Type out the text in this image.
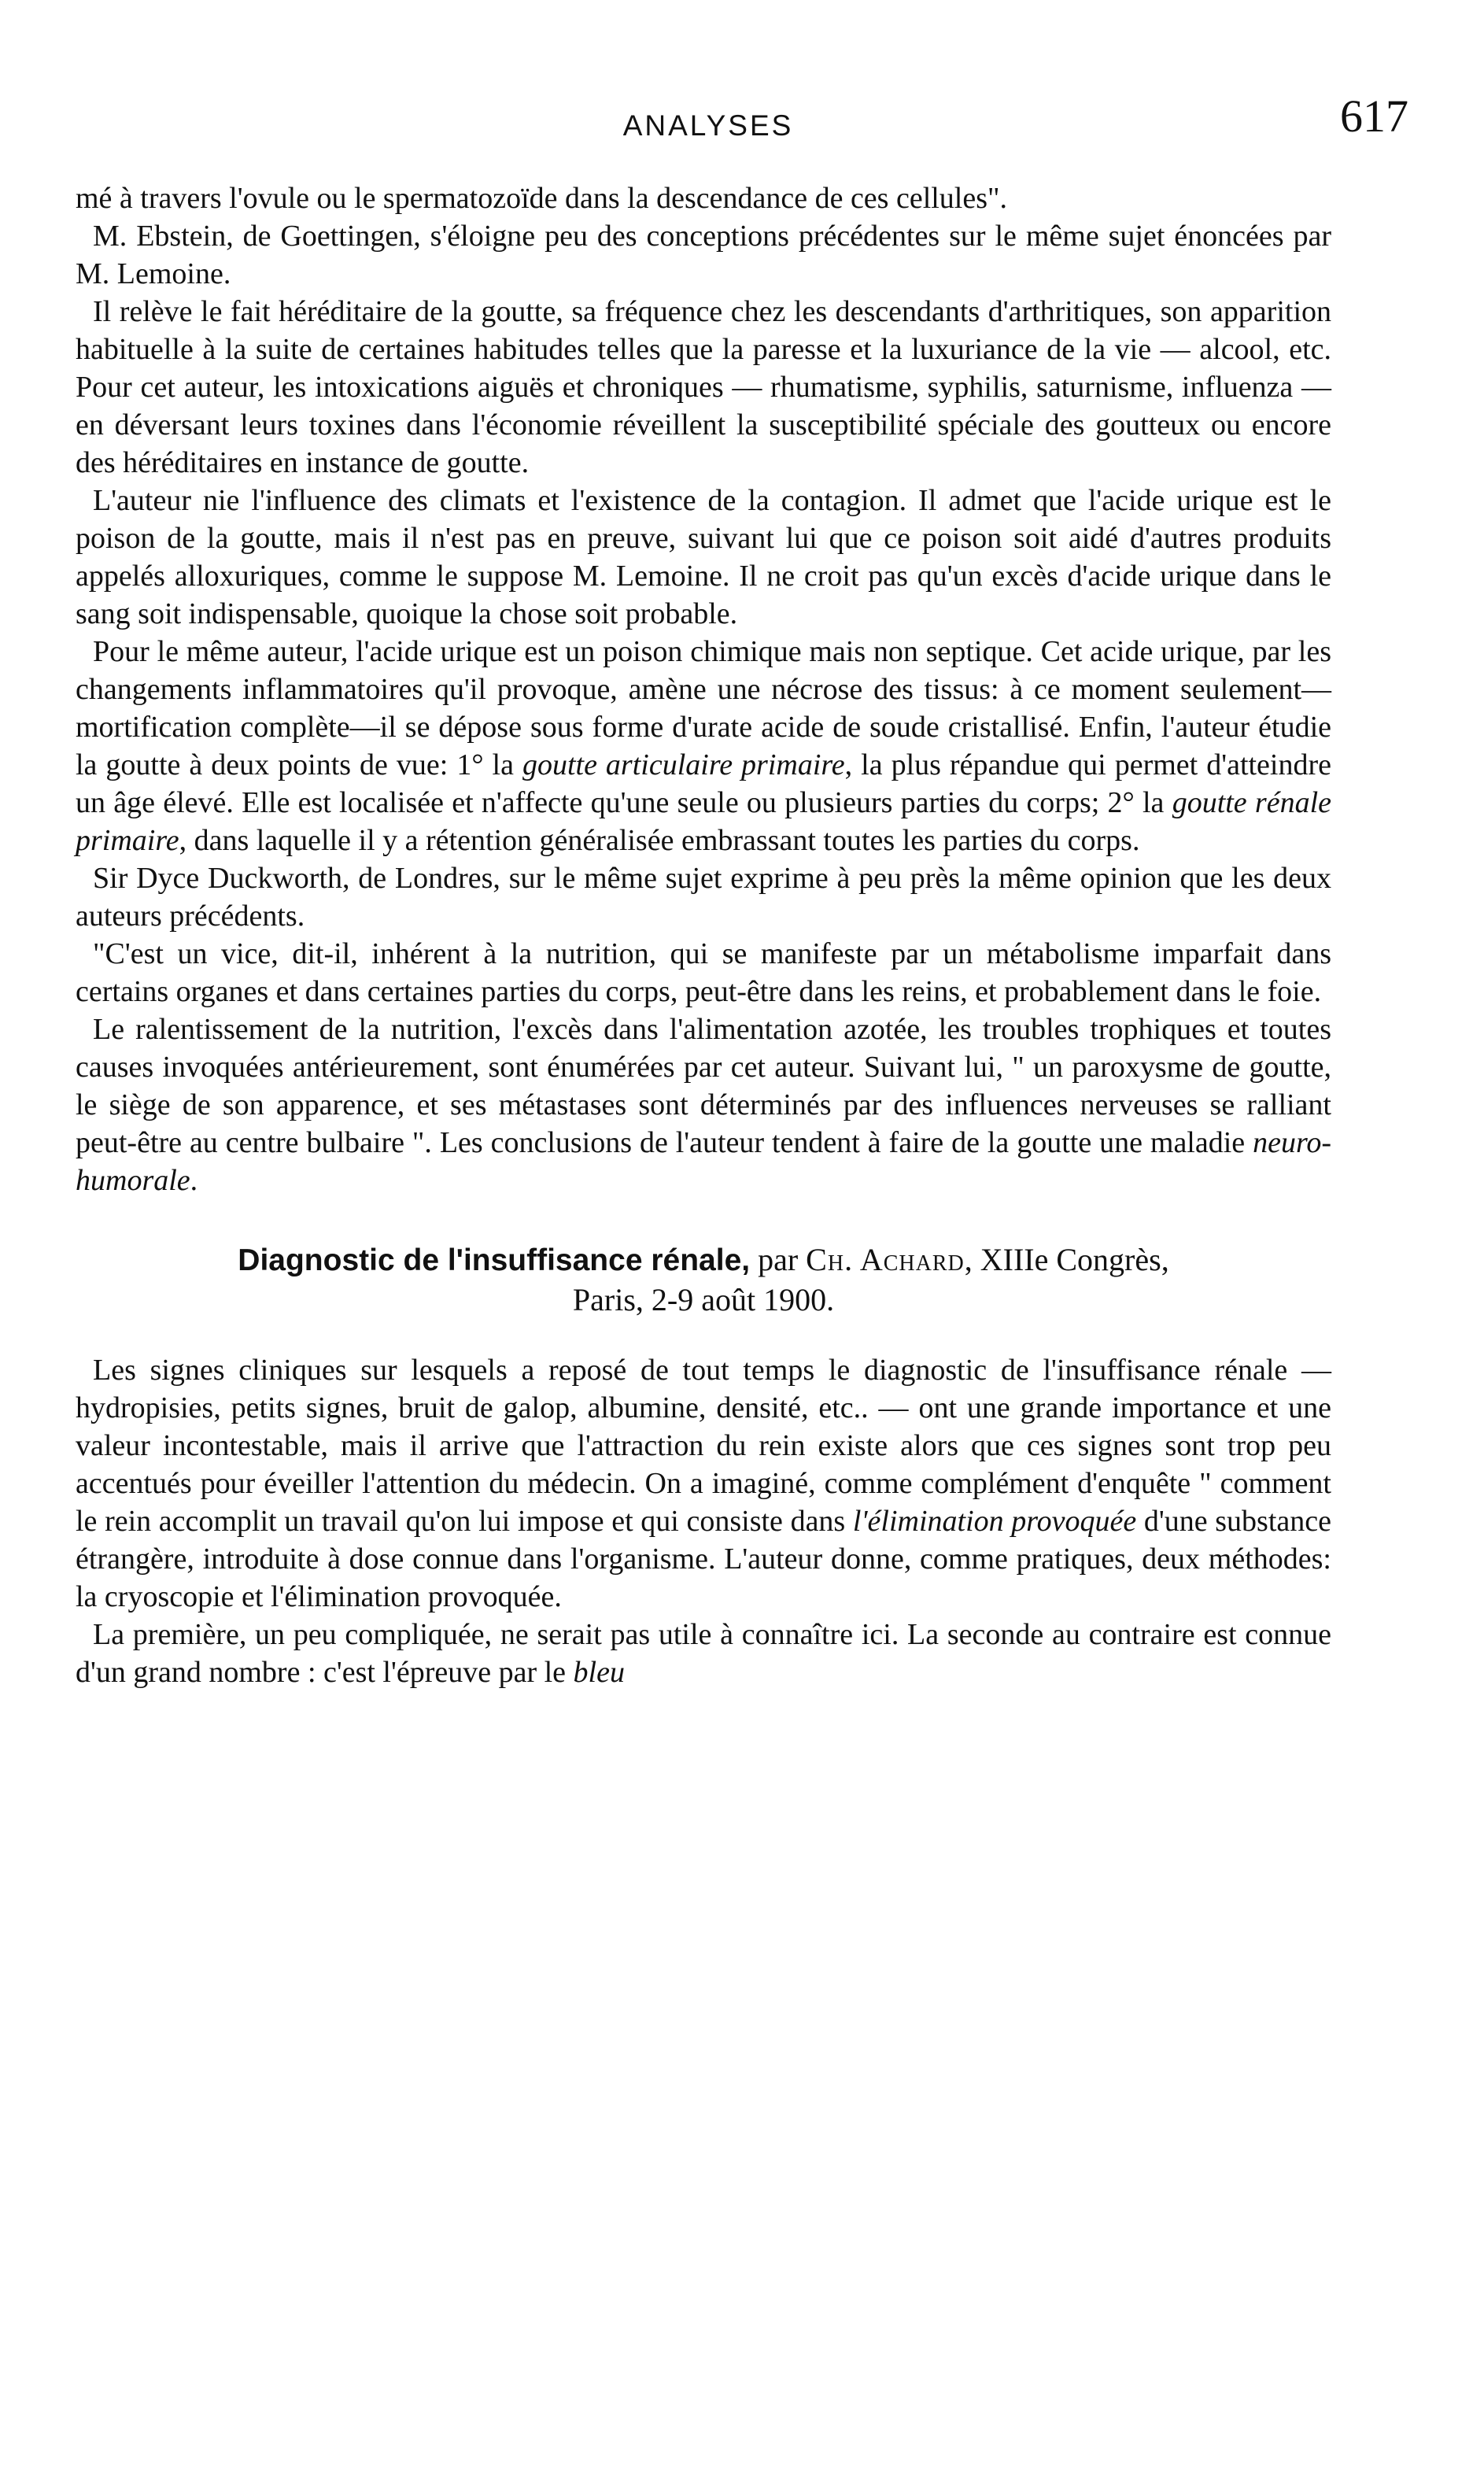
ANALYSES	617

mé à travers l'ovule ou le spermatozoïde dans la descendance de ces cellules".

M. Ebstein, de Goettingen, s'éloigne peu des conceptions précédentes sur le même sujet énoncées par M. Lemoine.

Il relève le fait héréditaire de la goutte, sa fréquence chez les descendants d'arthritiques, son apparition habituelle à la suite de certaines habitudes telles que la paresse et la luxuriance de la vie — alcool, etc. Pour cet auteur, les intoxications aiguës et chroniques — rhumatisme, syphilis, saturnisme, influenza — en déversant leurs toxines dans l'économie réveillent la susceptibilité spéciale des goutteux ou encore des héréditaires en instance de goutte.

L'auteur nie l'influence des climats et l'existence de la contagion. Il admet que l'acide urique est le poison de la goutte, mais il n'est pas en preuve, suivant lui que ce poison soit aidé d'autres produits appelés alloxuriques, comme le suppose M. Lemoine. Il ne croit pas qu'un excès d'acide urique dans le sang soit indispensable, quoique la chose soit probable.

Pour le même auteur, l'acide urique est un poison chimique mais non septique. Cet acide urique, par les changements inflammatoires qu'il provoque, amène une nécrose des tissus: à ce moment seulement—mortification complète—il se dépose sous forme d'urate acide de soude cristallisé. Enfin, l'auteur étudie la goutte à deux points de vue: 1° la goutte articulaire primaire, la plus répandue qui permet d'atteindre un âge élevé. Elle est localisée et n'affecte qu'une seule ou plusieurs parties du corps; 2° la goutte rénale primaire, dans laquelle il y a rétention généralisée embrassant toutes les parties du corps.

Sir Dyce Duckworth, de Londres, sur le même sujet exprime à peu près la même opinion que les deux auteurs précédents.

"C'est un vice, dit-il, inhérent à la nutrition, qui se manifeste par un métabolisme imparfait dans certains organes et dans certaines parties du corps, peut-être dans les reins, et probablement dans le foie.

Le ralentissement de la nutrition, l'excès dans l'alimentation azotée, les troubles trophiques et toutes causes invoquées antérieurement, sont énumérées par cet auteur. Suivant lui, " un paroxysme de goutte, le siège de son apparence, et ses métastases sont déterminés par des influences nerveuses se ralliant peut-être au centre bulbaire ". Les conclusions de l'auteur tendent à faire de la goutte une maladie neuro-humorale.

Diagnostic de l'insuffisance rénale, par Ch. Achard, XIIIe Congrès,
Paris, 2-9 août 1900.

Les signes cliniques sur lesquels a reposé de tout temps le diagnostic de l'insuffisance rénale — hydropisies, petits signes, bruit de galop, albumine, densité, etc.. — ont une grande importance et une valeur incontestable, mais il arrive que l'attraction du rein existe alors que ces signes sont trop peu accentués pour éveiller l'attention du médecin. On a imaginé, comme complément d'enquête " comment le rein accomplit un travail qu'on lui impose et qui consiste dans l'élimination provoquée d'une substance étrangère, introduite à dose connue dans l'organisme. L'auteur donne, comme pratiques, deux méthodes: la cryoscopie et l'élimination provoquée.

La première, un peu compliquée, ne serait pas utile à connaître ici. La seconde au contraire est connue d'un grand nombre : c'est l'épreuve par le bleu
